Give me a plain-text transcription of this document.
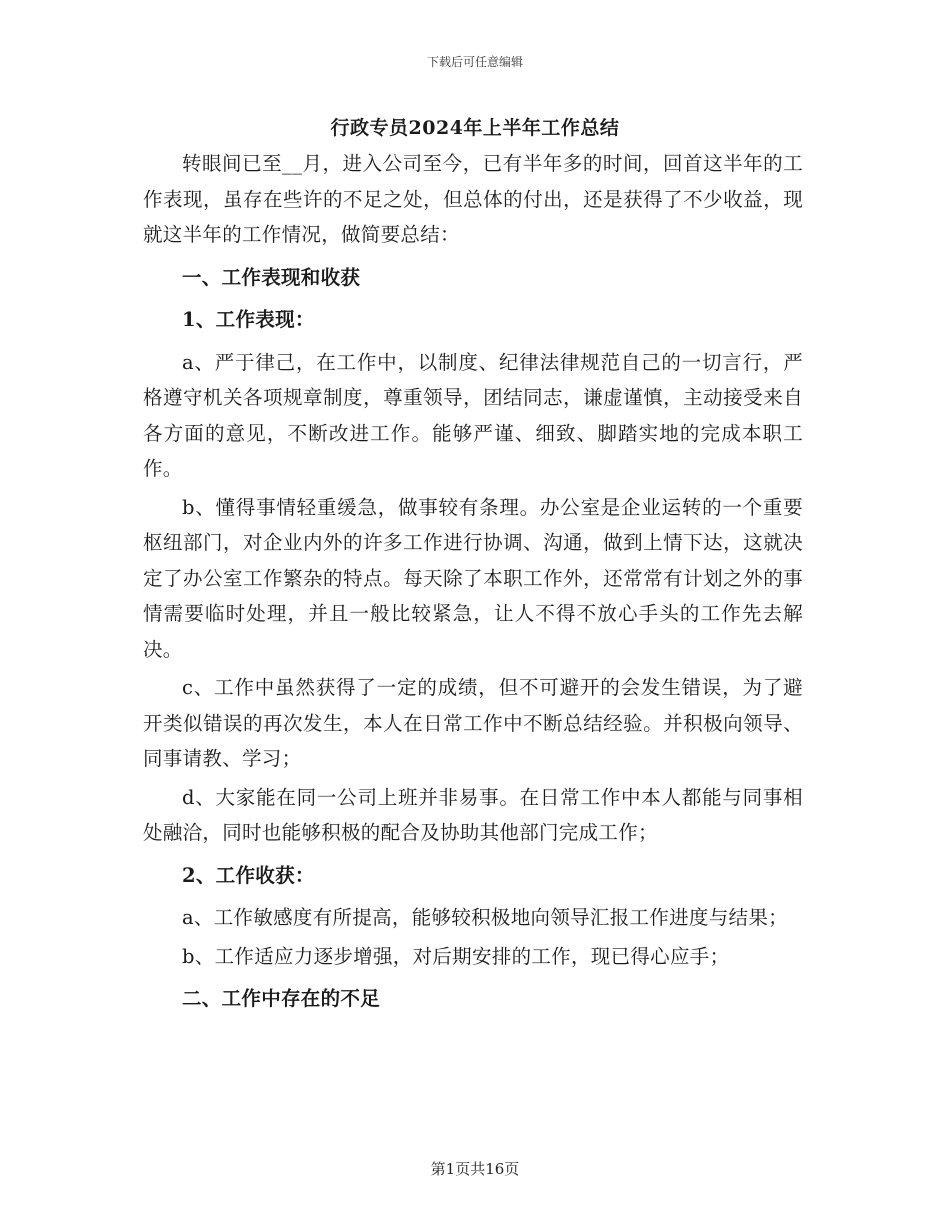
下载后可任意编辑
行政专员2024年上半年工作总结

转眼间已至__月，进入公司至今，已有半年多的时间，回首这半年的工作表现，虽存在些许的不足之处，但总体的付出，还是获得了不少收益，现就这半年的工作情况，做简要总结：

一、工作表现和收获

1、工作表现：

a、严于律己，在工作中，以制度、纪律法律规范自己的一切言行，严格遵守机关各项规章制度，尊重领导，团结同志，谦虚谨慎，主动接受来自各方面的意见，不断改进工作。能够严谨、细致、脚踏实地的完成本职工作。

b、懂得事情轻重缓急，做事较有条理。办公室是企业运转的一个重要枢纽部门，对企业内外的许多工作进行协调、沟通，做到上情下达，这就决定了办公室工作繁杂的特点。每天除了本职工作外，还常常有计划之外的事情需要临时处理，并且一般比较紧急，让人不得不放心手头的工作先去解决。

c、工作中虽然获得了一定的成绩，但不可避开的会发生错误，为了避开类似错误的再次发生，本人在日常工作中不断总结经验。并积极向领导、同事请教、学习；

d、大家能在同一公司上班并非易事。在日常工作中本人都能与同事相处融洽，同时也能够积极的配合及协助其他部门完成工作；

2、工作收获：

a、工作敏感度有所提高，能够较积极地向领导汇报工作进度与结果；

b、工作适应力逐步增强，对后期安排的工作，现已得心应手；

二、工作中存在的不足

第1页共16页
